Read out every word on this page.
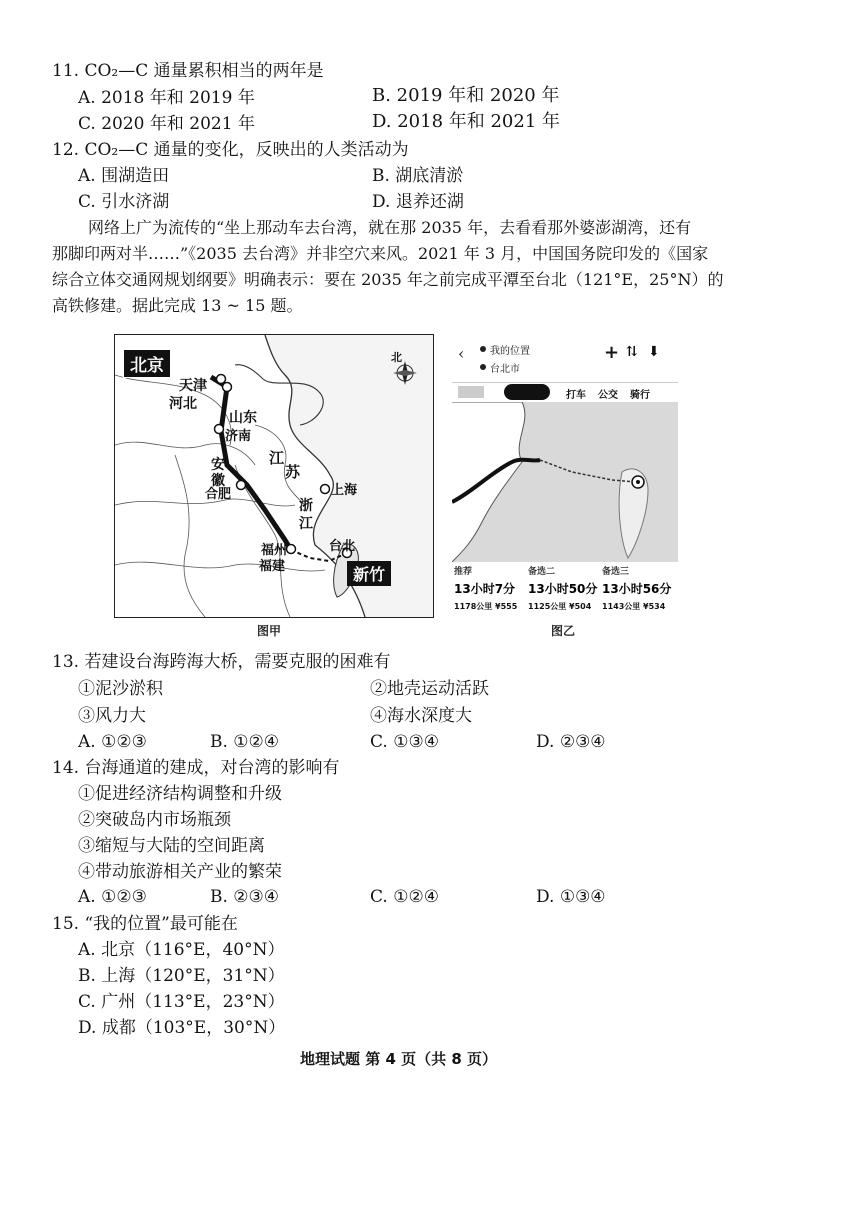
11. CO₂—C 通量累积相当的两年是
A. 2018 年和 2019 年	B. 2019 年和 2020 年
C. 2020 年和 2021 年	D. 2018 年和 2021 年
12. CO₂—C 通量的变化，反映出的人类活动为
A. 围湖造田	B. 湖底清淤
C. 引水济湖	D. 退养还湖
网络上广为流传的“坐上那动车去台湾，就在那 2035 年，去看看那外婆澎湖湾，还有
那脚印两对半……”《2035 去台湾》并非空穴来风。2021 年 3 月，中国国务院印发的《国家
综合立体交通网规划纲要》明确表示：要在 2035 年之前完成平潭至台北（121°E，25°N）的
高铁修建。据此完成 13 ~ 15 题。
北京
天津
河北
山东
济南
江
苏
安徽
合肥	上海
浙江
福州
福建
台北
新竹
北
图甲
‹	我的位置
台北市
+ ⇅ ⬇
打车 公交 骑行
推荐
13小时7分
1178公里 ¥555
备选二
13小时50分
1125公里 ¥504
备选三
13小时56分
1143公里 ¥534
图乙
13. 若建设台海跨海大桥，需要克服的困难有
①泥沙淤积	②地壳运动活跃
③风力大	④海水深度大
A. ①②③	B. ①②④	C. ①③④	D. ②③④
14. 台海通道的建成，对台湾的影响有
①促进经济结构调整和升级
②突破岛内市场瓶颈
③缩短与大陆的空间距离
④带动旅游相关产业的繁荣
A. ①②③	B. ②③④	C. ①②④	D. ①③④
15. “我的位置”最可能在
A. 北京（116°E，40°N）
B. 上海（120°E，31°N）
C. 广州（113°E，23°N）
D. 成都（103°E，30°N）
地理试题 第 4 页（共 8 页）
